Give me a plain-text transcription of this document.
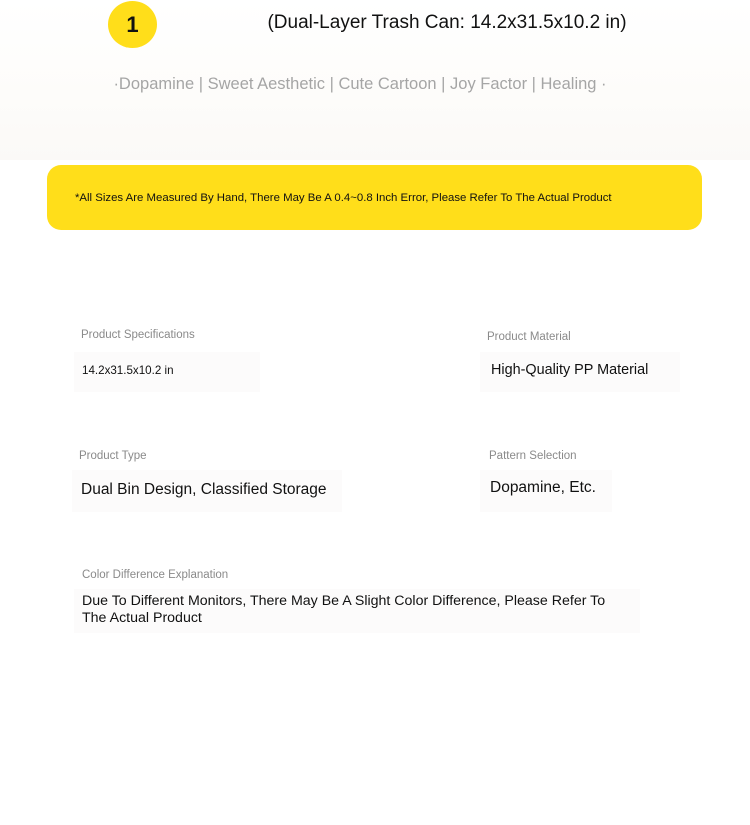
1	(Dual-Layer Trash Can: 14.2x31.5x10.2 in)
·Dopamine | Sweet Aesthetic | Cute Cartoon | Joy Factor | Healing ·
*All Sizes Are Measured By Hand, There May Be A 0.4~0.8 Inch Error, Please Refer To The Actual Product
Product Specifications
14.2x31.5x10.2 in
Product Material
High-Quality PP Material
Product Type
Dual Bin Design, Classified Storage
Pattern Selection
Dopamine, Etc.
Color Difference Explanation
Due To Different Monitors, There May Be A Slight Color Difference, Please Refer To The Actual Product
